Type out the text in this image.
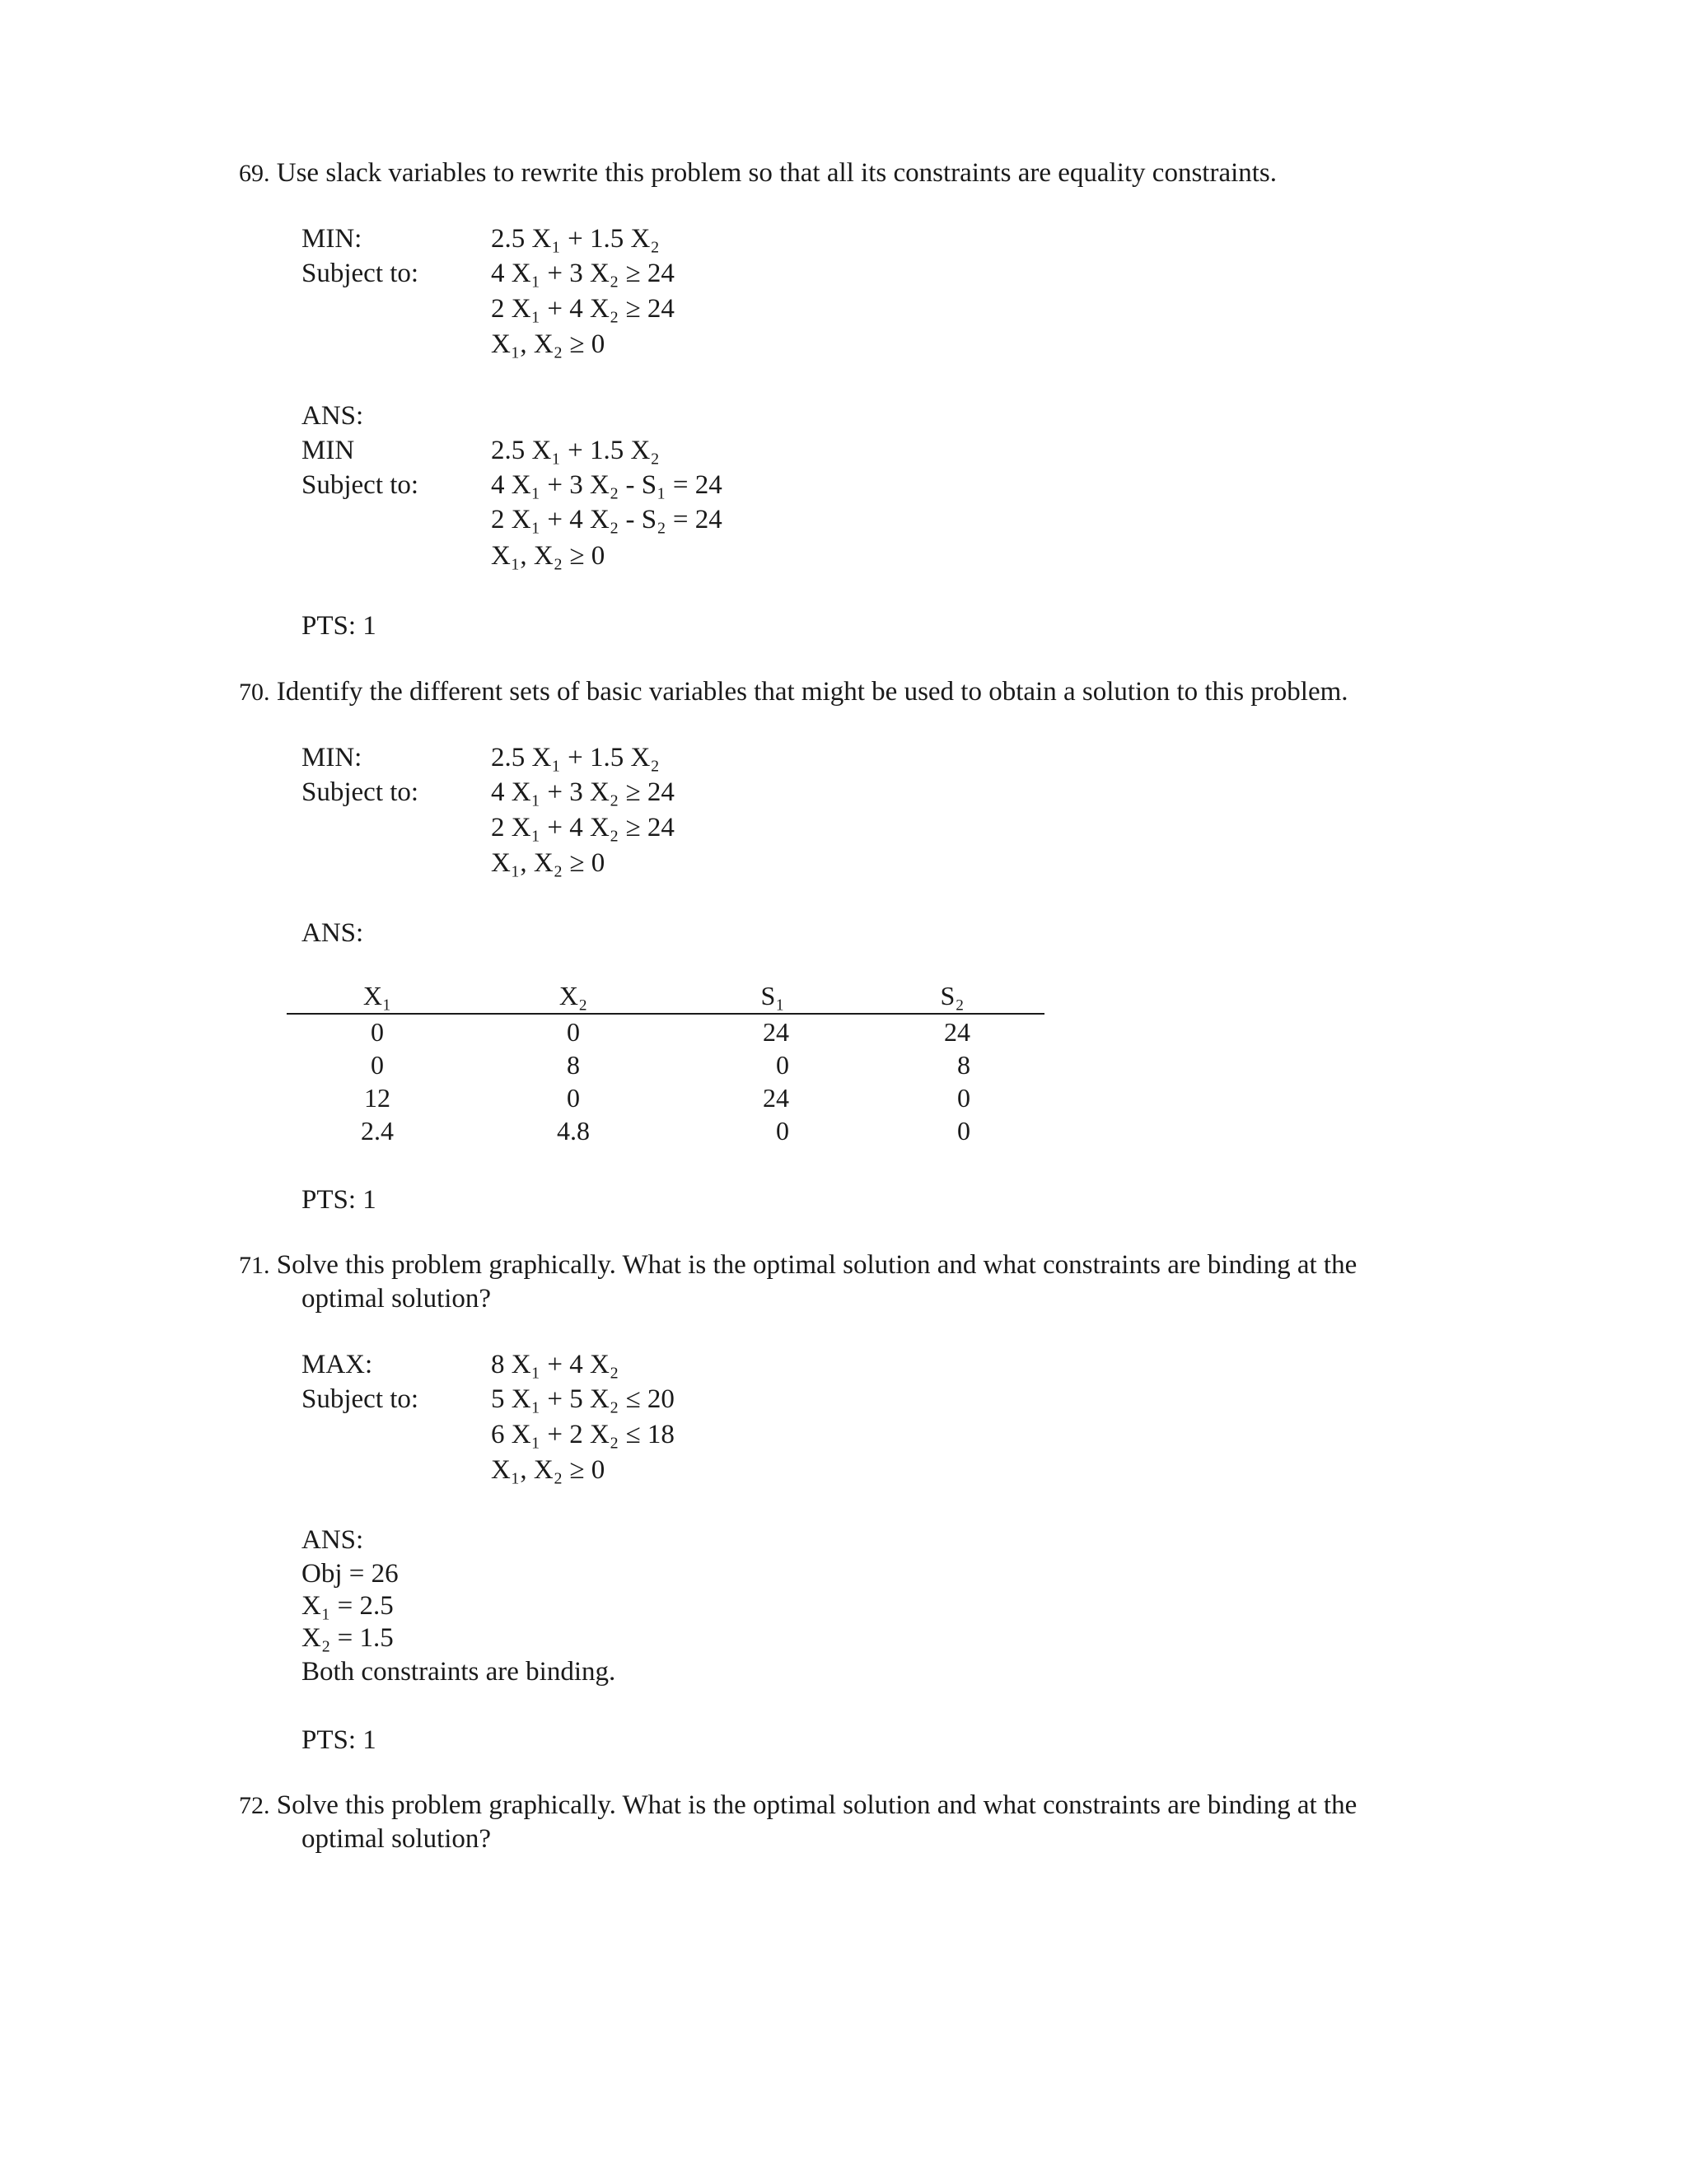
69. Use slack variables to rewrite this problem so that all its constraints are equality constraints.
MIN:	2.5 X₁ + 1.5 X₂
Subject to:	4 X₁ + 3 X₂ ≥ 24
2 X₁ + 4 X₂ ≥ 24
X₁, X₂ ≥ 0
ANS:
MIN	2.5 X₁ + 1.5 X₂
Subject to:	4 X₁ + 3 X₂ - S₁ = 24
2 X₁ + 4 X₂ - S₂ = 24
X₁, X₂ ≥ 0
PTS: 1
70. Identify the different sets of basic variables that might be used to obtain a solution to this problem.
MIN:	2.5 X₁ + 1.5 X₂
Subject to:	4 X₁ + 3 X₂ ≥ 24
2 X₁ + 4 X₂ ≥ 24
X₁, X₂ ≥ 0
ANS:
X₁	X₂	S₁	S₂
0	0	24	24
0	8	0	8
12	0	24	0
2.4	4.8	0	0
PTS: 1
71. Solve this problem graphically. What is the optimal solution and what constraints are binding at the
optimal solution?
MAX:	8 X₁ + 4 X₂
Subject to:	5 X₁ + 5 X₂ ≤ 20
6 X₁ + 2 X₂ ≤ 18
X₁, X₂ ≥ 0
ANS:
Obj = 26
X₁ = 2.5
X₂ = 1.5
Both constraints are binding.
PTS: 1
72. Solve this problem graphically. What is the optimal solution and what constraints are binding at the
optimal solution?
